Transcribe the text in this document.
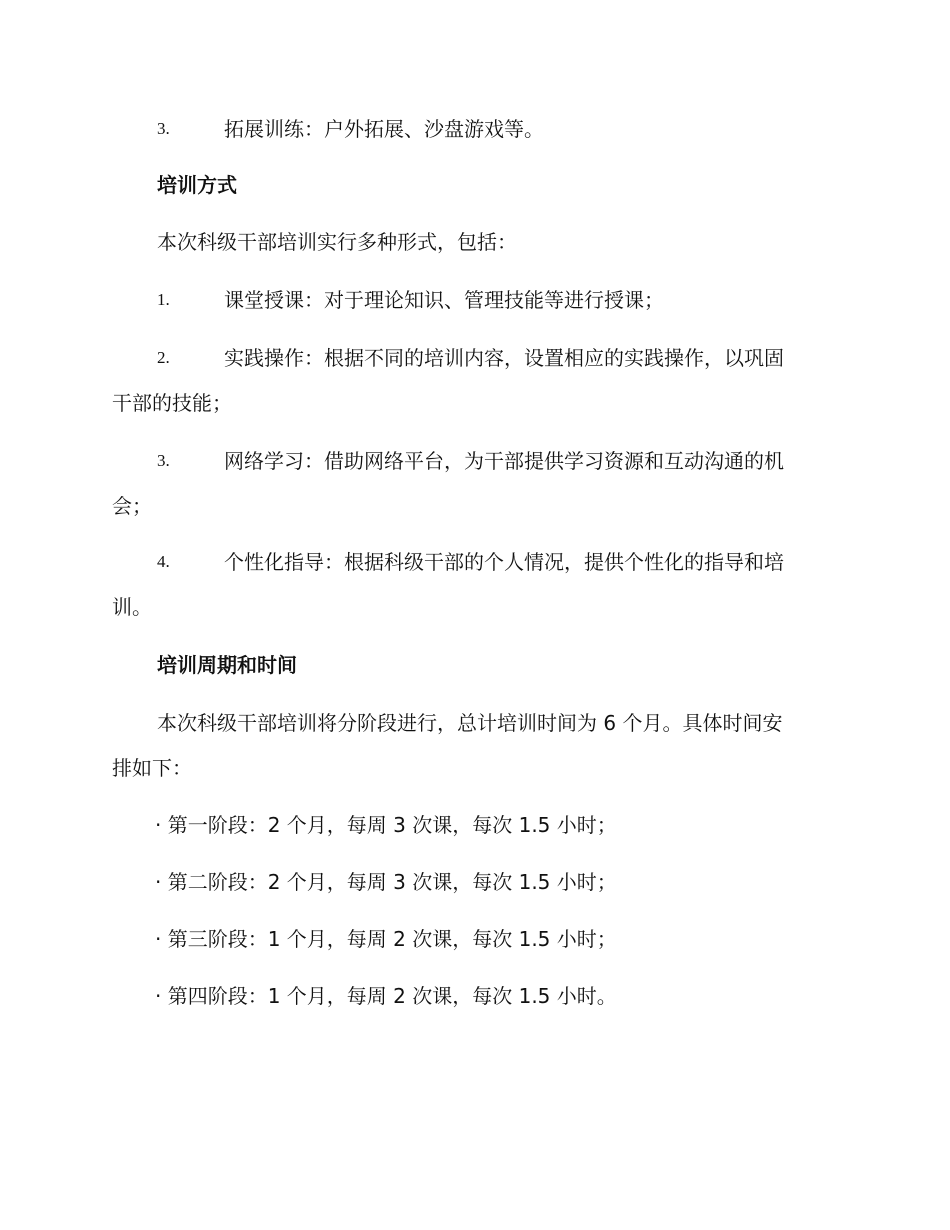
3.	拓展训练：户外拓展、沙盘游戏等。
培训方式
本次科级干部培训实行多种形式，包括：
1.	课堂授课：对于理论知识、管理技能等进行授课；
2.	实践操作：根据不同的培训内容，设置相应的实践操作，以巩固
干部的技能；
3.	网络学习：借助网络平台，为干部提供学习资源和互动沟通的机
会；
4.	个性化指导：根据科级干部的个人情况，提供个性化的指导和培
训。
培训周期和时间
本次科级干部培训将分阶段进行，总计培训时间为 6 个月。具体时间安
排如下：
· 第一阶段：2 个月，每周 3 次课，每次 1.5 小时；
· 第二阶段：2 个月，每周 3 次课，每次 1.5 小时；
· 第三阶段：1 个月，每周 2 次课，每次 1.5 小时；
· 第四阶段：1 个月，每周 2 次课，每次 1.5 小时。
